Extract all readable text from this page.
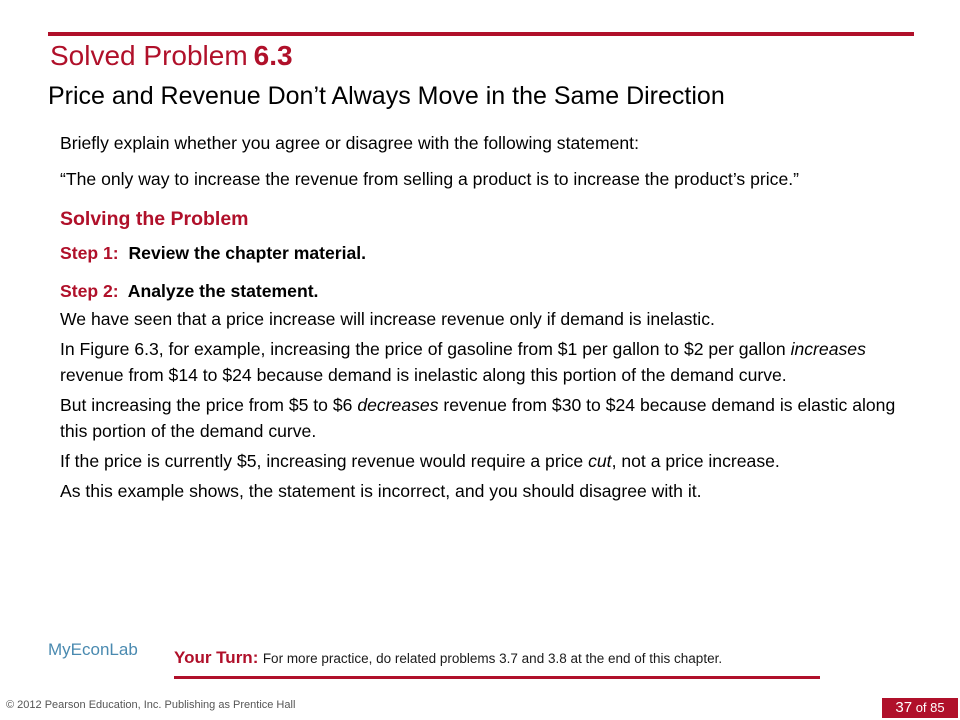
Solved Problem 6.3
Price and Revenue Don’t Always Move in the Same Direction

Briefly explain whether you agree or disagree with the following statement:

“The only way to increase the revenue from selling a product is to increase the product’s price.”

Solving the Problem

Step 1: Review the chapter material.

Step 2: Analyze the statement.

We have seen that a price increase will increase revenue only if demand is inelastic.

In Figure 6.3, for example, increasing the price of gasoline from $1 per gallon to $2 per gallon increases revenue from $14 to $24 because demand is inelastic along this portion of the demand curve.

But increasing the price from $5 to $6 decreases revenue from $30 to $24 because demand is elastic along this portion of the demand curve.

If the price is currently $5, increasing revenue would require a price cut, not a price increase.

As this example shows, the statement is incorrect, and you should disagree with it.

MyEconLab Your Turn: For more practice, do related problems 3.7 and 3.8 at the end of this chapter.
© 2012 Pearson Education, Inc. Publishing as Prentice Hall	37 of 85
